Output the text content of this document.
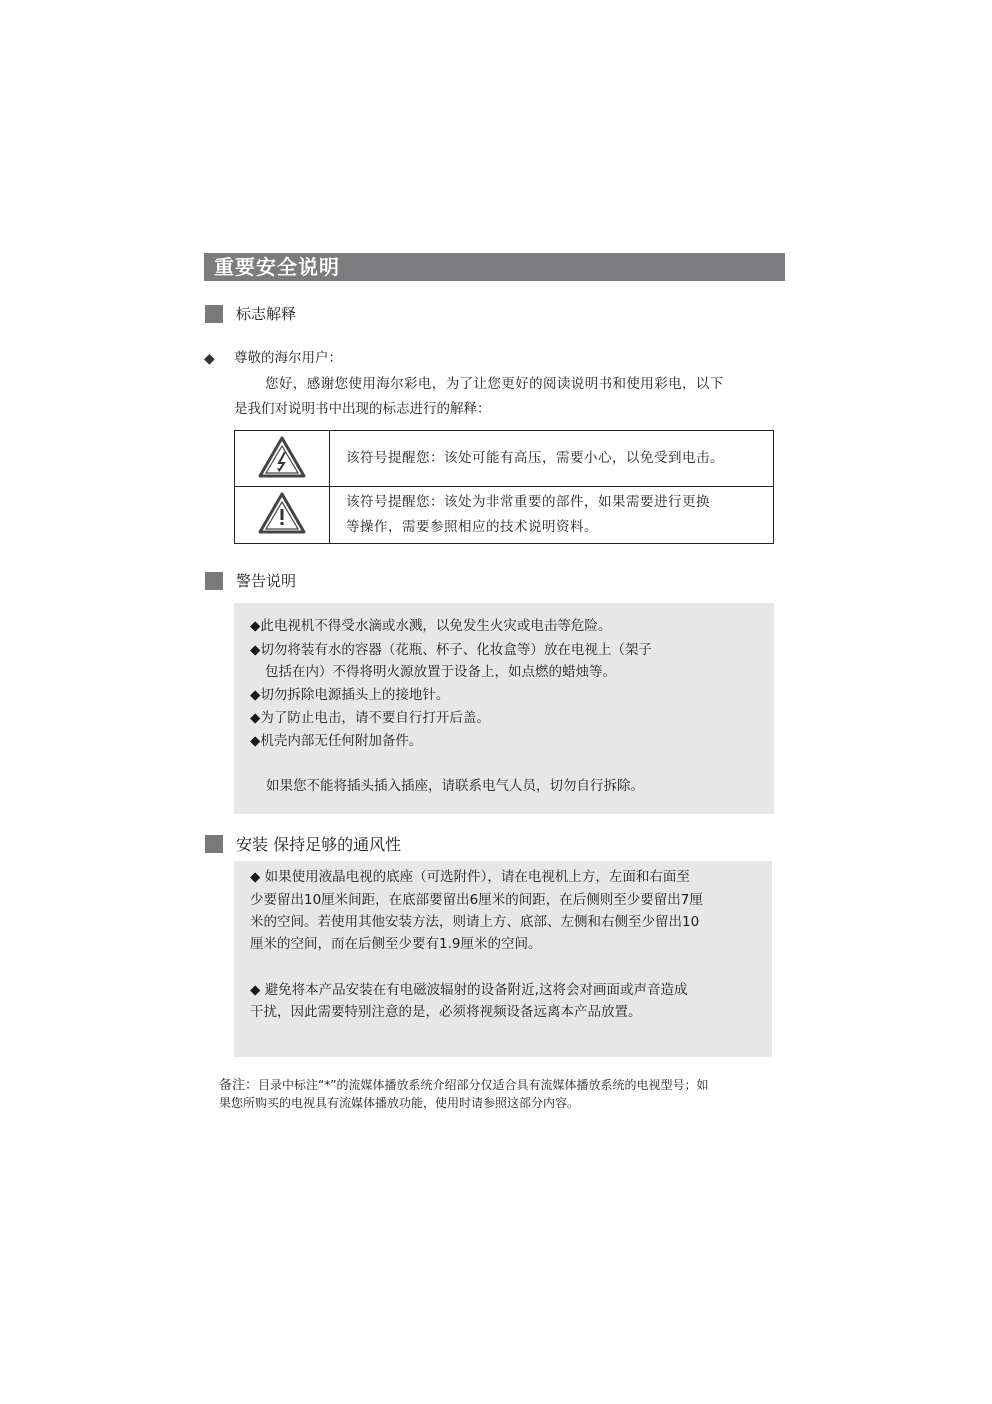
重要安全说明
标志解释
◆ 尊敬的海尔用户：
您好，感谢您使用海尔彩电，为了让您更好的阅读说明书和使用彩电，以下
是我们对说明书中出现的标志进行的解释：

该符号提醒您：该处可能有高压，需要小心，以免受到电击。

该符号提醒您：该处为非常重要的部件，如果需要进行更换
等操作，需要参照相应的技术说明资料。
警告说明
◆此电视机不得受水滴或水溅，以免发生火灾或电击等危险。
◆切勿将装有水的容器（花瓶、杯子、化妆盒等）放在电视上（架子
包括在内）不得将明火源放置于设备上，如点燃的蜡烛等。
◆切勿拆除电源插头上的接地针。
◆为了防止电击，请不要自行打开后盖。
◆机壳内部无任何附加备件。
如果您不能将插头插入插座，请联系电气人员，切勿自行拆除。
安装 保持足够的通风性
◆ 如果使用液晶电视的底座（可选附件），请在电视机上方，左面和右面至
少要留出10厘米间距，在底部要留出6厘米的间距，在后侧则至少要留出7厘
米的空间。若使用其他安装方法，则请上方、底部、左侧和右侧至少留出10
厘米的空间，而在后侧至少要有1.9厘米的空间。
◆ 避免将本产品安装在有电磁波辐射的设备附近,这将会对画面或声音造成
干扰，因此需要特别注意的是，必须将视频设备远离本产品放置。
备注：目录中标注“*”的流媒体播放系统介绍部分仅适合具有流媒体播放系统的电视型号；如
果您所购买的电视具有流媒体播放功能，使用时请参照这部分内容。
